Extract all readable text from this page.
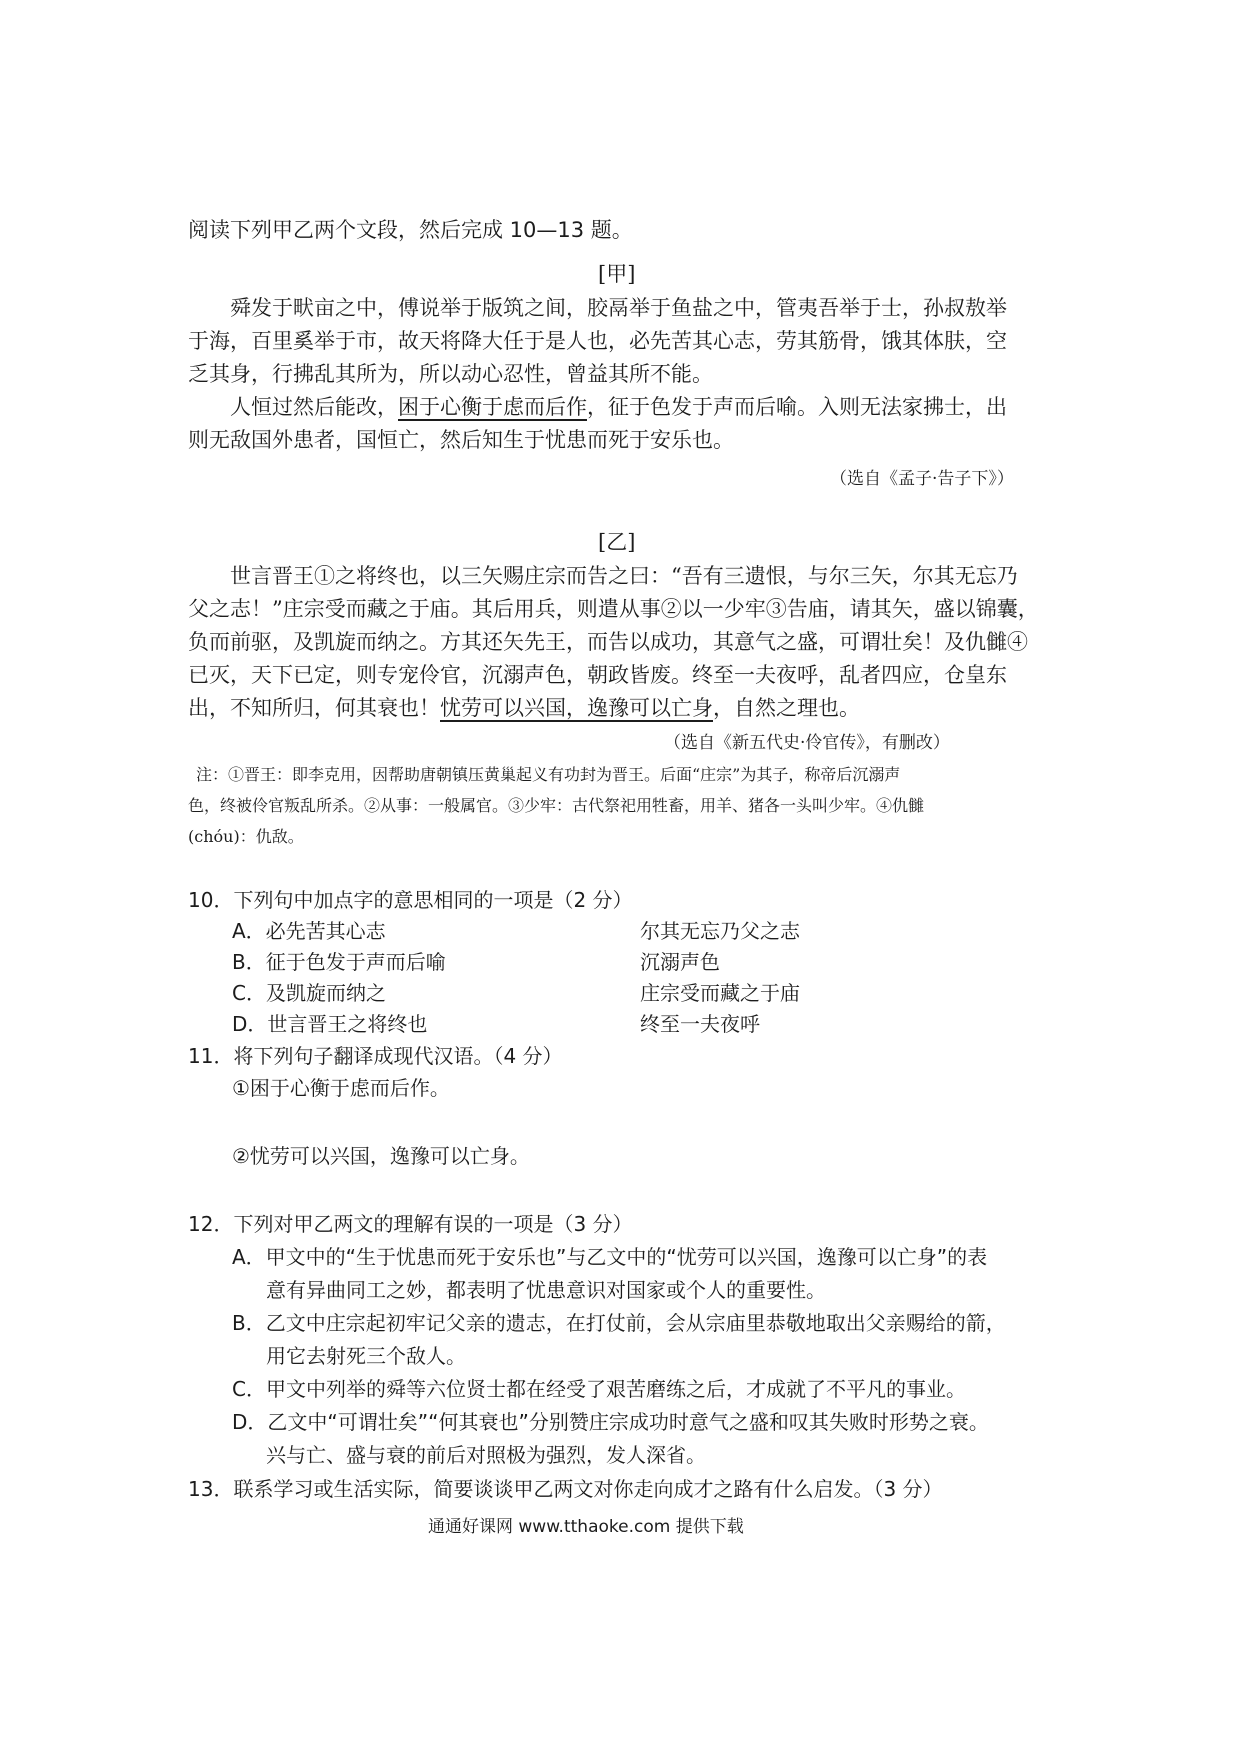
阅读下列甲乙两个文段，然后完成 10—13 题。
[甲]

舜发于畎亩之中，傅说举于版筑之间，胶鬲举于鱼盐之中，管夷吾举于士，孙叔敖举

于海，百里奚举于市，故天将降大任于是人也，必先苦其心志，劳其筋骨，饿其体肤，空

乏其身，行拂乱其所为，所以动心忍性，曾益其所不能。

人恒过然后能改，困于心衡于虑而后作，征于色发于声而后喻。入则无法家拂士，出

则无敌国外患者，国恒亡，然后知生于忧患而死于安乐也。

（选自《孟子·告子下》）
[乙]

世言晋王①之将终也，以三矢赐庄宗而告之曰：“吾有三遗恨，与尔三矢，尔其无忘乃

父之志！”庄宗受而藏之于庙。其后用兵，则遣从事②以一少牢③告庙，请其矢，盛以锦囊，

负而前驱，及凯旋而纳之。方其还矢先王，而告以成功，其意气之盛，可谓壮矣！及仇雠④

已灭，天下已定，则专宠伶官，沉溺声色，朝政皆废。终至一夫夜呼，乱者四应，仓皇东

出，不知所归，何其衰也！忧劳可以兴国，逸豫可以亡身，自然之理也。

（选自《新五代史·伶官传》，有删改）
注：①晋王：即李克用，因帮助唐朝镇压黄巢起义有功封为晋王。后面“庄宗”为其子，称帝后沉溺声
色，终被伶官叛乱所杀。②从事：一般属官。③少牢：古代祭祀用牲畜，用羊、猪各一头叫少牢。④仇雠
(chóu)：仇敌。
10．下列句中加点字的意思相同的一项是（2 分）
A．必先苦其心志	尔其无忘乃父之志
B．征于色发于声而后喻	沉溺声色
C．及凯旋而纳之	庄宗受而藏之于庙
D．世言晋王之将终也	终至一夫夜呼
11．将下列句子翻译成现代汉语。（4 分）
①困于心衡于虑而后作。
②忧劳可以兴国，逸豫可以亡身。
12．下列对甲乙两文的理解有误的一项是（3 分）
A．甲文中的“生于忧患而死于安乐也”与乙文中的“忧劳可以兴国，逸豫可以亡身”的表
意有异曲同工之妙，都表明了忧患意识对国家或个人的重要性。
B．乙文中庄宗起初牢记父亲的遗志，在打仗前，会从宗庙里恭敬地取出父亲赐给的箭，
用它去射死三个敌人。
C．甲文中列举的舜等六位贤士都在经受了艰苦磨练之后，才成就了不平凡的事业。
D．乙文中“可谓壮矣”“何其衰也”分别赞庄宗成功时意气之盛和叹其失败时形势之衰。
兴与亡、盛与衰的前后对照极为强烈，发人深省。
13．联系学习或生活实际，简要谈谈甲乙两文对你走向成才之路有什么启发。（3 分）
通通好课网 www.tthaoke.com 提供下载
